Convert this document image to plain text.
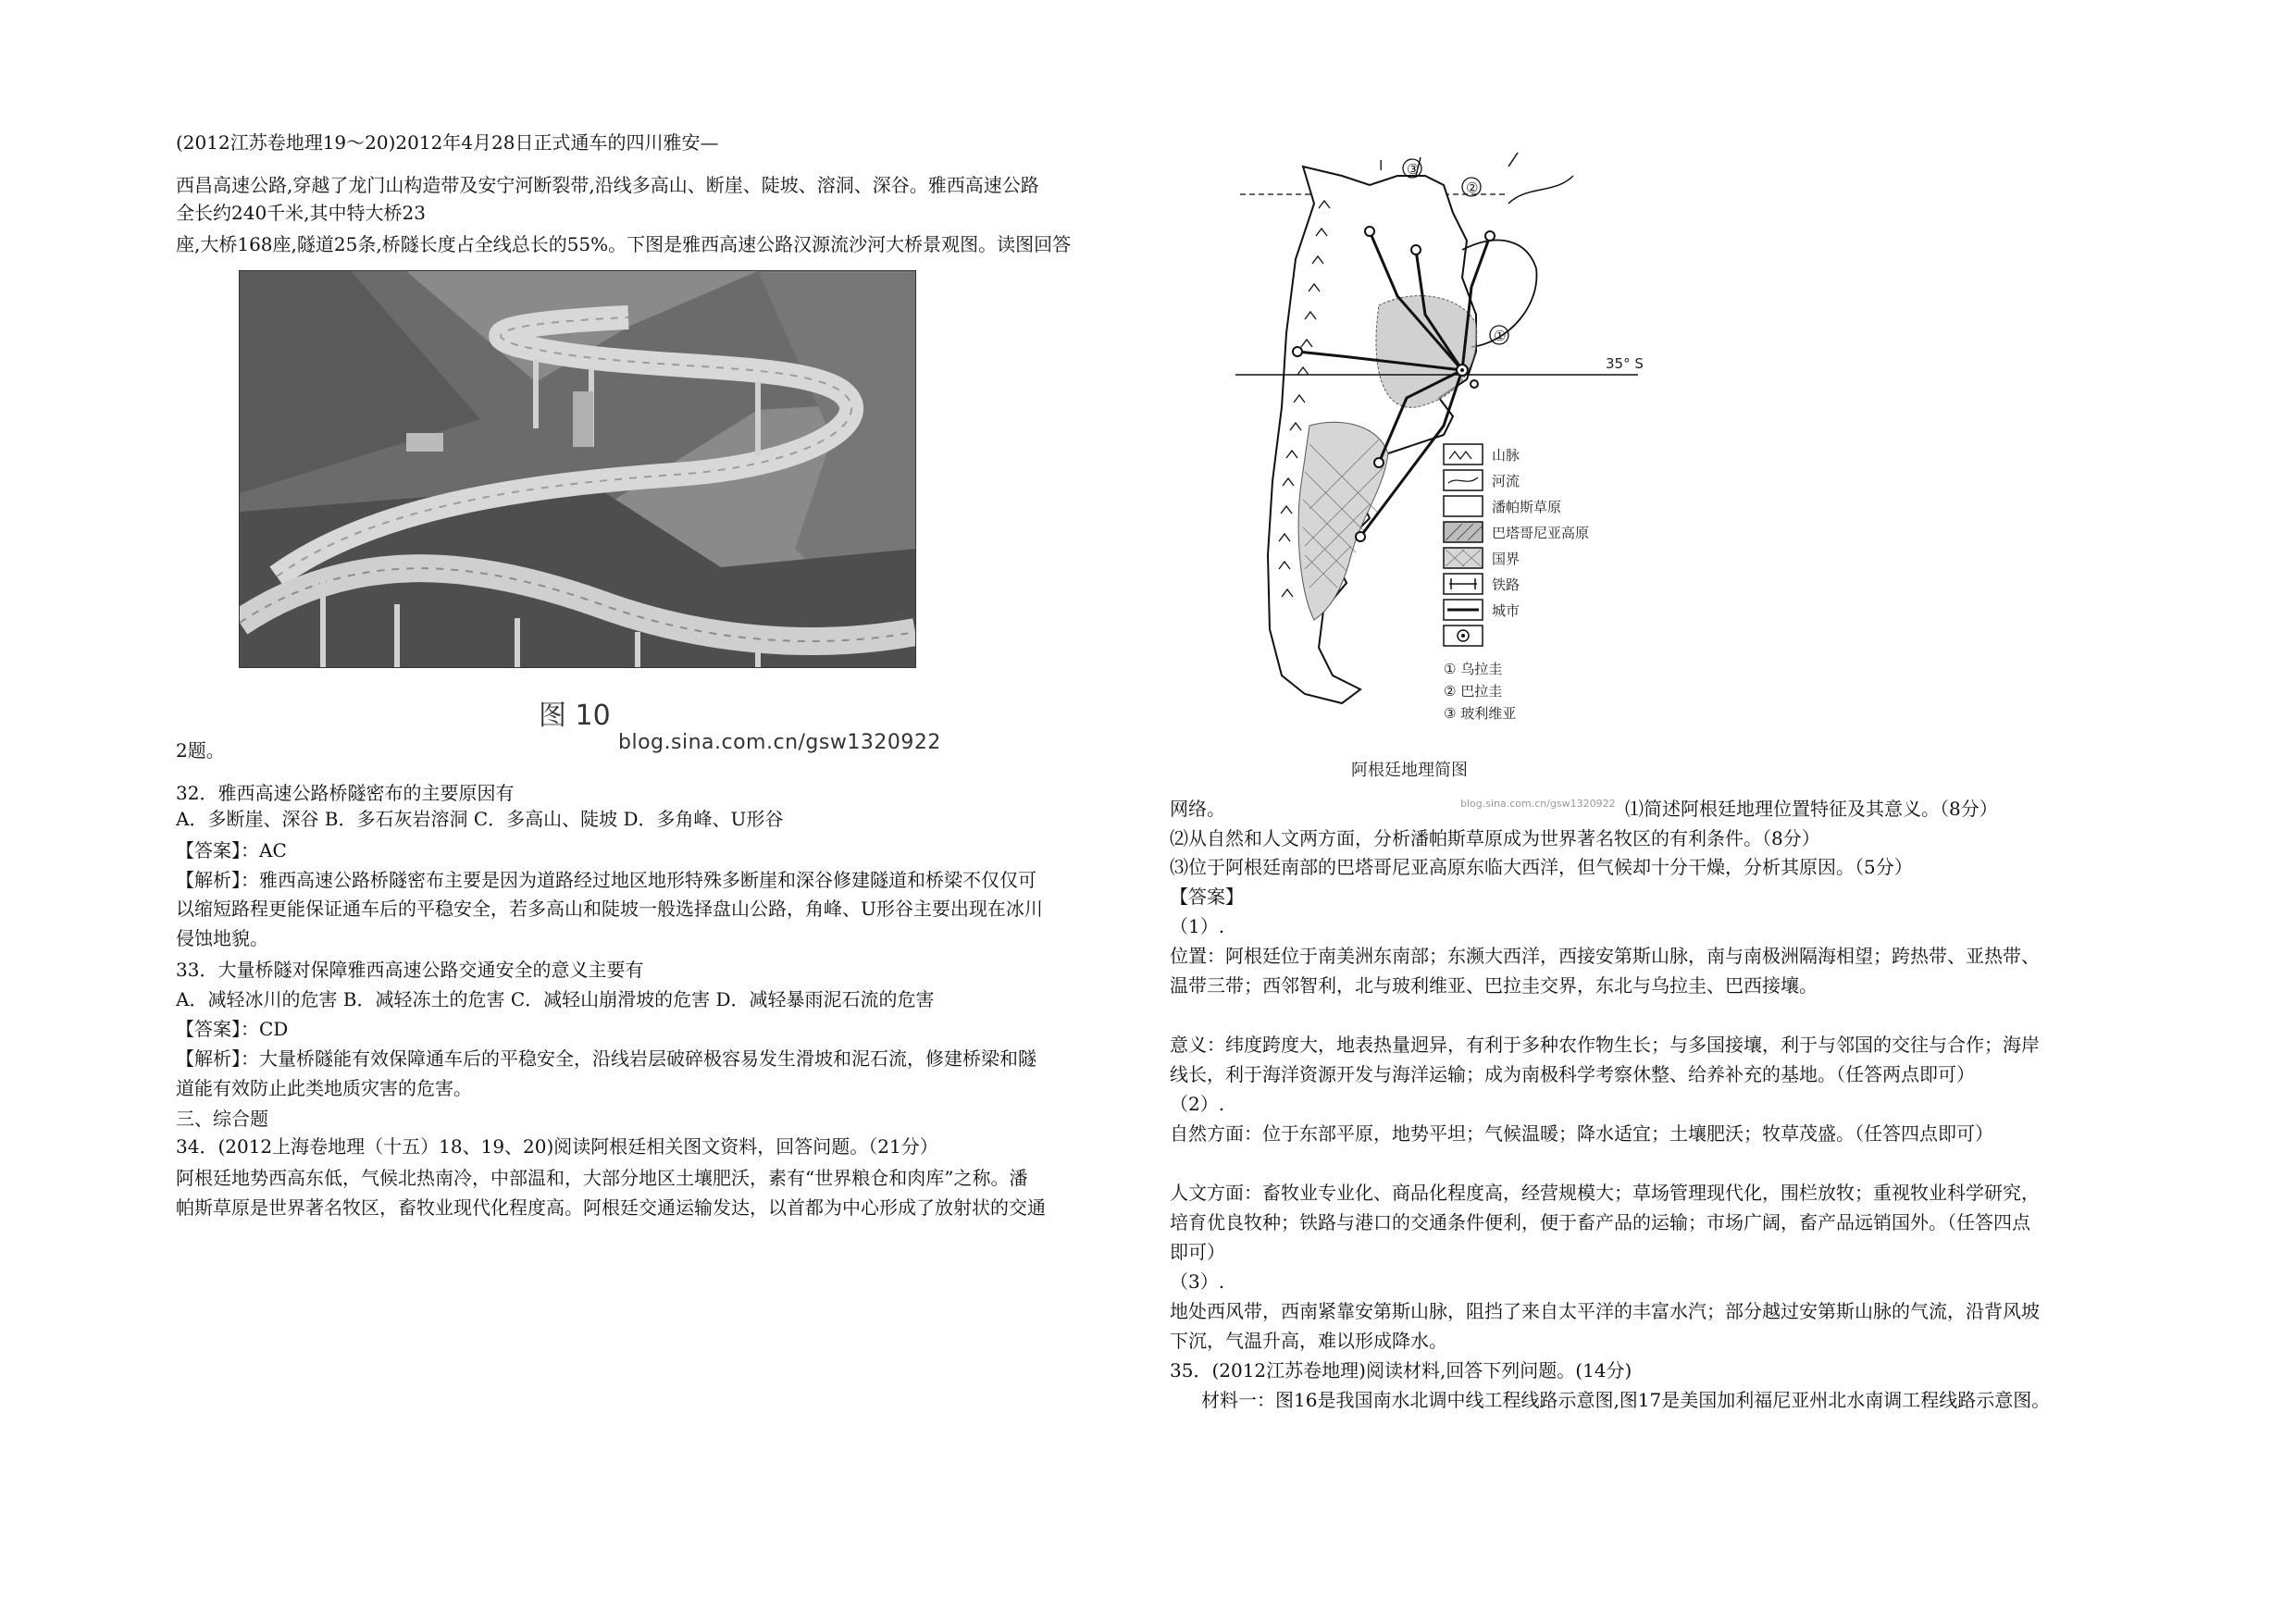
(2012江苏卷地理19～20)2012年4月28日正式通车的四川雅安—
西昌高速公路,穿越了龙门山构造带及安宁河断裂带,沿线多高山、断崖、陡坡、溶洞、深谷。雅西高速公路
全长约240千米,其中特大桥23
座,大桥168座,隧道25条,桥隧长度占全线总长的55%。下图是雅西高速公路汉源流沙河大桥景观图。读图回答
图 10
blog.sina.com.cn/gsw1320922
2题。
32．雅西高速公路桥隧密布的主要原因有
A．多断崖、深谷 B．多石灰岩溶洞 C．多高山、陡坡 D．多角峰、U形谷
【答案】：AC
【解析】：雅西高速公路桥隧密布主要是因为道路经过地区地形特殊多断崖和深谷修建隧道和桥梁不仅仅可
以缩短路程更能保证通车后的平稳安全，若多高山和陡坡一般选择盘山公路，角峰、U形谷主要出现在冰川
侵蚀地貌。
33．大量桥隧对保障雅西高速公路交通安全的意义主要有
A．减轻冰川的危害 B．减轻冻土的危害 C．减轻山崩滑坡的危害 D．减轻暴雨泥石流的危害
【答案】：CD
【解析】：大量桥隧能有效保障通车后的平稳安全，沿线岩层破碎极容易发生滑坡和泥石流，修建桥梁和隧
道能有效防止此类地质灾害的危害。
三、综合题
34．(2012上海卷地理（十五）18、19、20)阅读阿根廷相关图文资料，回答问题。（21分）
阿根廷地势西高东低，气候北热南冷，中部温和，大部分地区土壤肥沃，素有“世界粮仓和肉库”之称。潘
帕斯草原是世界著名牧区，畜牧业现代化程度高。阿根廷交通运输发达，以首都为中心形成了放射状的交通
35° S
③
②
①
I
山脉
河流
潘帕斯草原
巴塔哥尼亚高原
国界
铁路
城市
① 乌拉圭
② 巴拉圭
③ 玻利维亚
阿根廷地理简图
blog.sina.com.cn/gsw1320922
网络。	⑴简述阿根廷地理位置特征及其意义。（8分）
⑵从自然和人文两方面，分析潘帕斯草原成为世界著名牧区的有利条件。（8分）
⑶位于阿根廷南部的巴塔哥尼亚高原东临大西洋，但气候却十分干燥，分析其原因。（5分）
【答案】
（1）.
位置：阿根廷位于南美洲东南部；东濒大西洋，西接安第斯山脉，南与南极洲隔海相望；跨热带、亚热带、
温带三带；西邻智利，北与玻利维亚、巴拉圭交界，东北与乌拉圭、巴西接壤。
意义：纬度跨度大，地表热量迥异，有利于多种农作物生长；与多国接壤，利于与邻国的交往与合作；海岸
线长，利于海洋资源开发与海洋运输；成为南极科学考察休整、给养补充的基地。（任答两点即可）
（2）.
自然方面：位于东部平原，地势平坦；气候温暖；降水适宜；土壤肥沃；牧草茂盛。（任答四点即可）
人文方面：畜牧业专业化、商品化程度高，经营规模大；草场管理现代化，围栏放牧；重视牧业科学研究，
培育优良牧种；铁路与港口的交通条件便利，便于畜产品的运输；市场广阔，畜产品远销国外。（任答四点
即可）
（3）.
地处西风带，西南紧靠安第斯山脉，阻挡了来自太平洋的丰富水汽；部分越过安第斯山脉的气流，沿背风坡
下沉，气温升高，难以形成降水。
35．(2012江苏卷地理)阅读材料,回答下列问题。(14分)
材料一：图16是我国南水北调中线工程线路示意图,图17是美国加利福尼亚州北水南调工程线路示意图。
